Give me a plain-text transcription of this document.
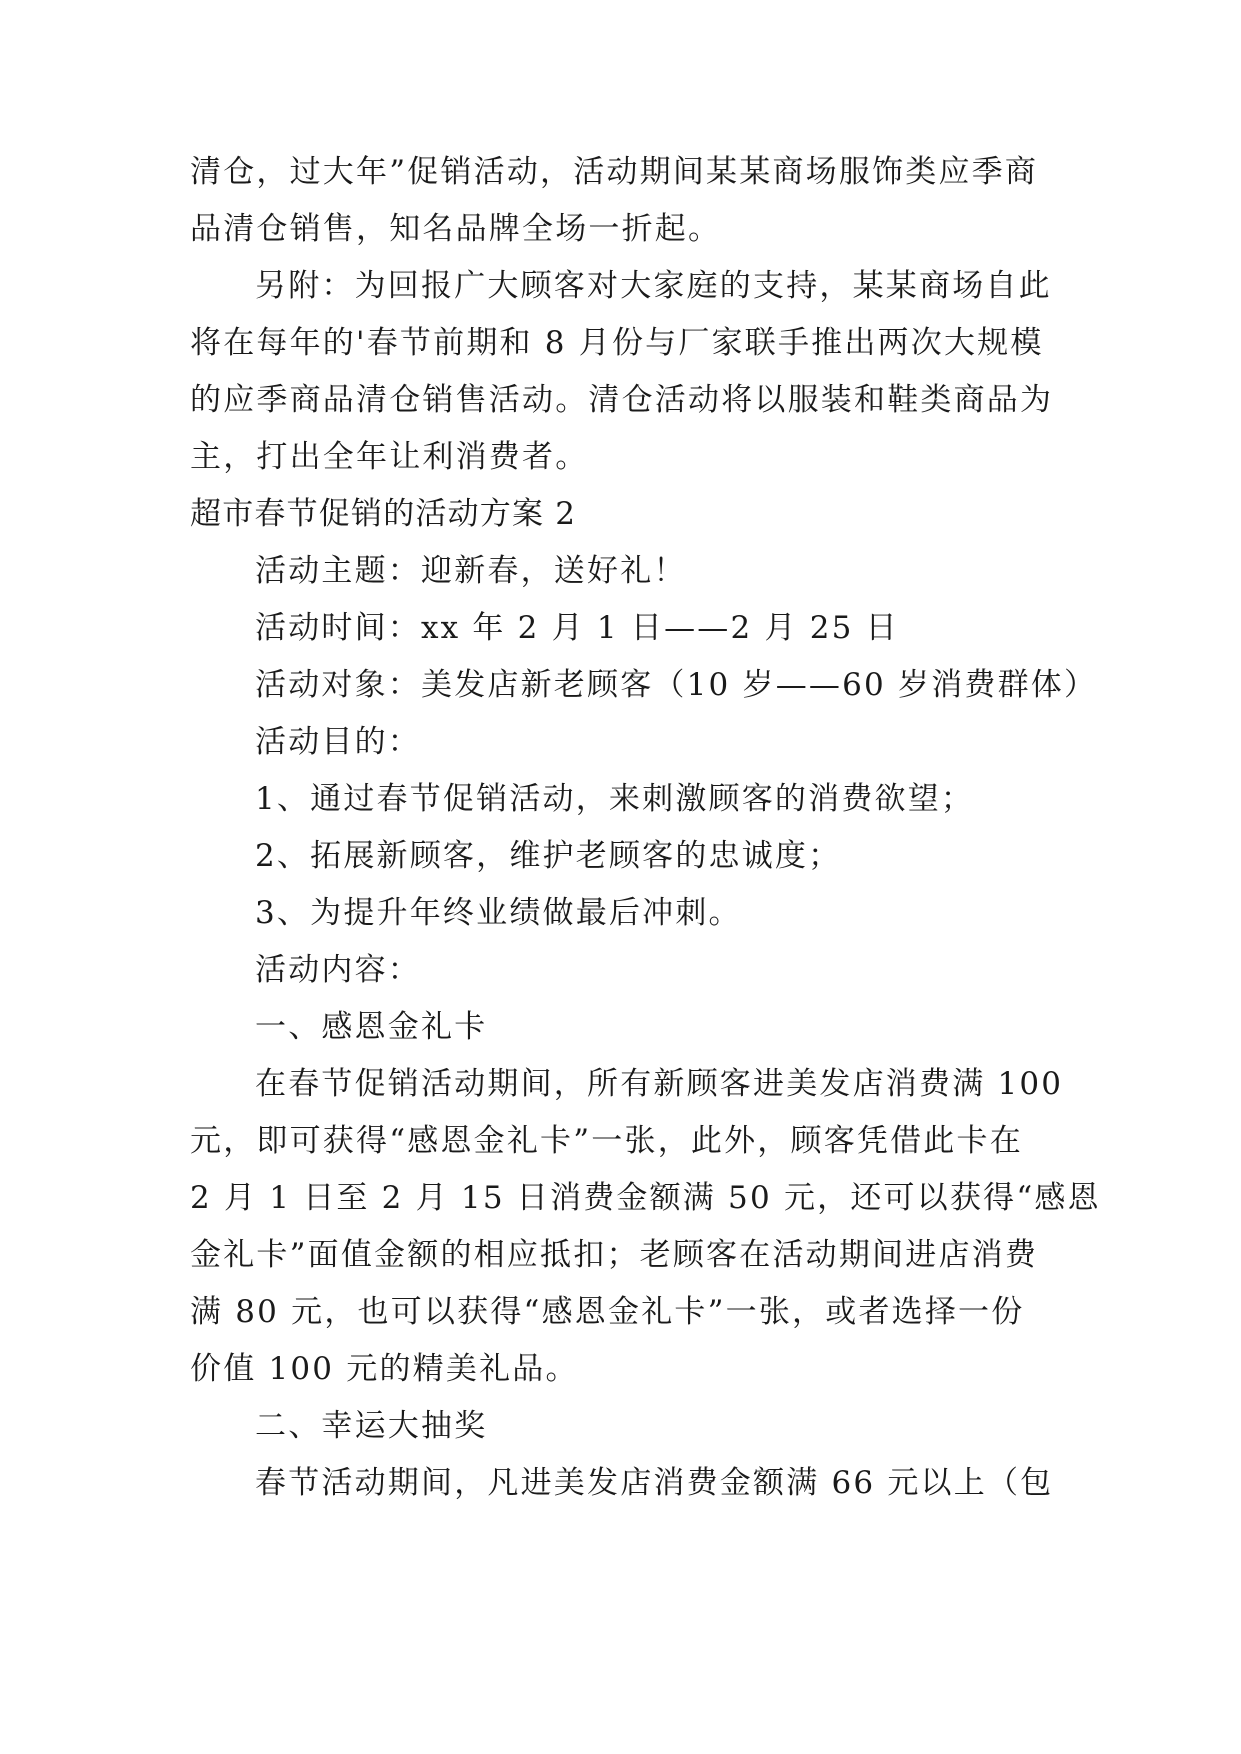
清仓，过大年”促销活动，活动期间某某商场服饰类应季商
品清仓销售，知名品牌全场一折起。
另附：为回报广大顾客对大家庭的支持，某某商场自此
将在每年的'春节前期和 8 月份与厂家联手推出两次大规模
的应季商品清仓销售活动。清仓活动将以服装和鞋类商品为
主，打出全年让利消费者。
超市春节促销的活动方案 2
活动主题：迎新春，送好礼！
活动时间：xx 年 2 月 1 日——2 月 25 日
活动对象：美发店新老顾客（10 岁——60 岁消费群体）
活动目的：
1、通过春节促销活动，来刺激顾客的消费欲望；
2、拓展新顾客，维护老顾客的忠诚度；
3、为提升年终业绩做最后冲刺。
活动内容：
一、感恩金礼卡
在春节促销活动期间，所有新顾客进美发店消费满 100
元，即可获得“感恩金礼卡”一张，此外，顾客凭借此卡在
2 月 1 日至 2 月 15 日消费金额满 50 元，还可以获得“感恩
金礼卡”面值金额的相应抵扣；老顾客在活动期间进店消费
满 80 元，也可以获得“感恩金礼卡”一张，或者选择一份
价值 100 元的精美礼品。
二、幸运大抽奖
春节活动期间，凡进美发店消费金额满 66 元以上（包
